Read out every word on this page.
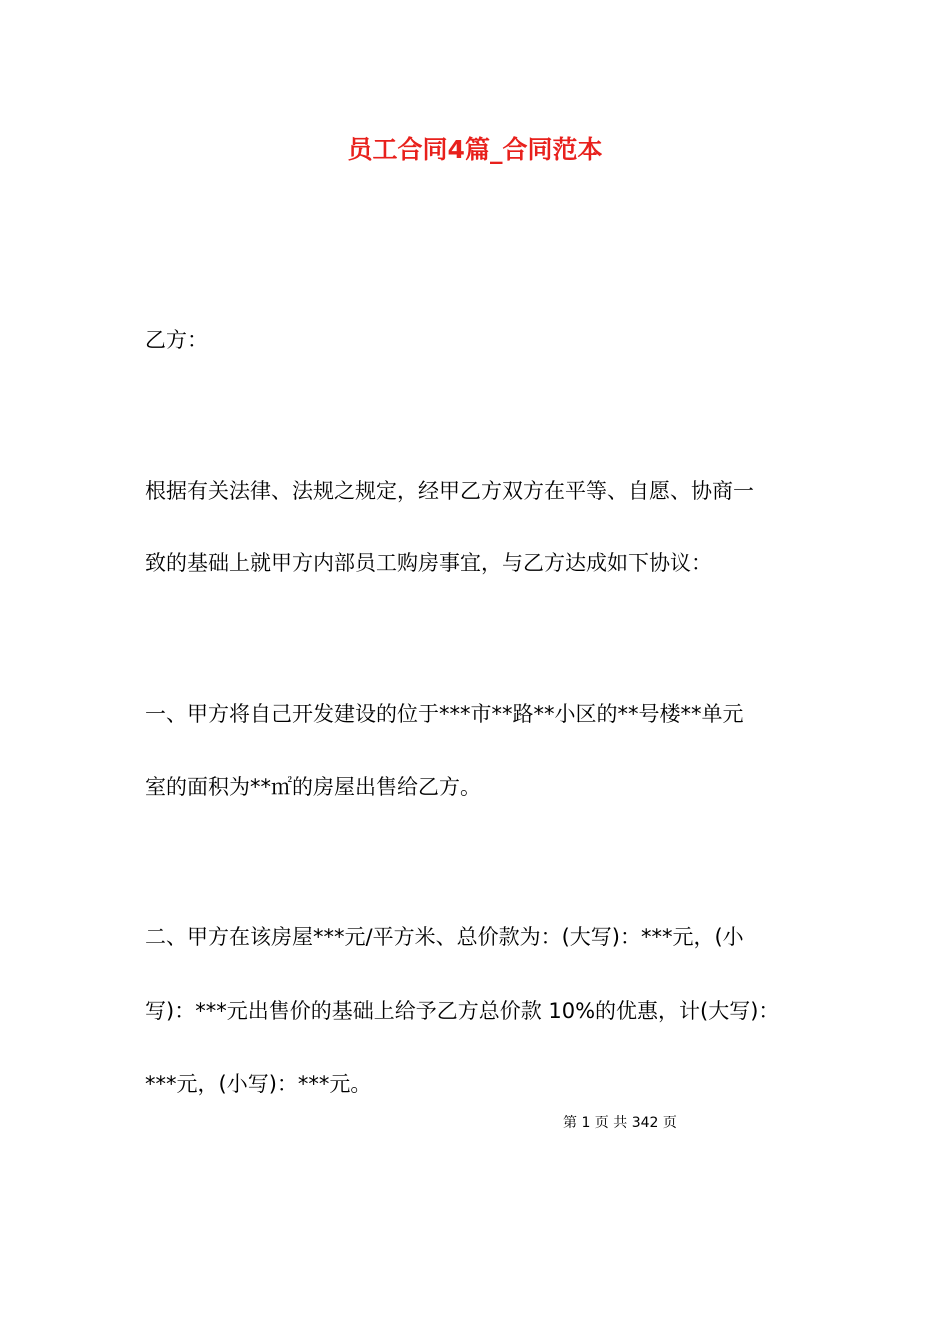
员工合同4篇_合同范本
乙方：
根据有关法律、法规之规定，经甲乙方双方在平等、自愿、协商一
致的基础上就甲方内部员工购房事宜，与乙方达成如下协议：
一、甲方将自己开发建设的位于***市**路**小区的**号楼**单元
室的面积为**㎡的房屋出售给乙方。
二、甲方在该房屋***元/平方米、总价款为：(大写)：***元，(小
写)：***元出售价的基础上给予乙方总价款 10%的优惠，计(大写)：
***元，(小写)：***元。
第 1 页 共 342 页
